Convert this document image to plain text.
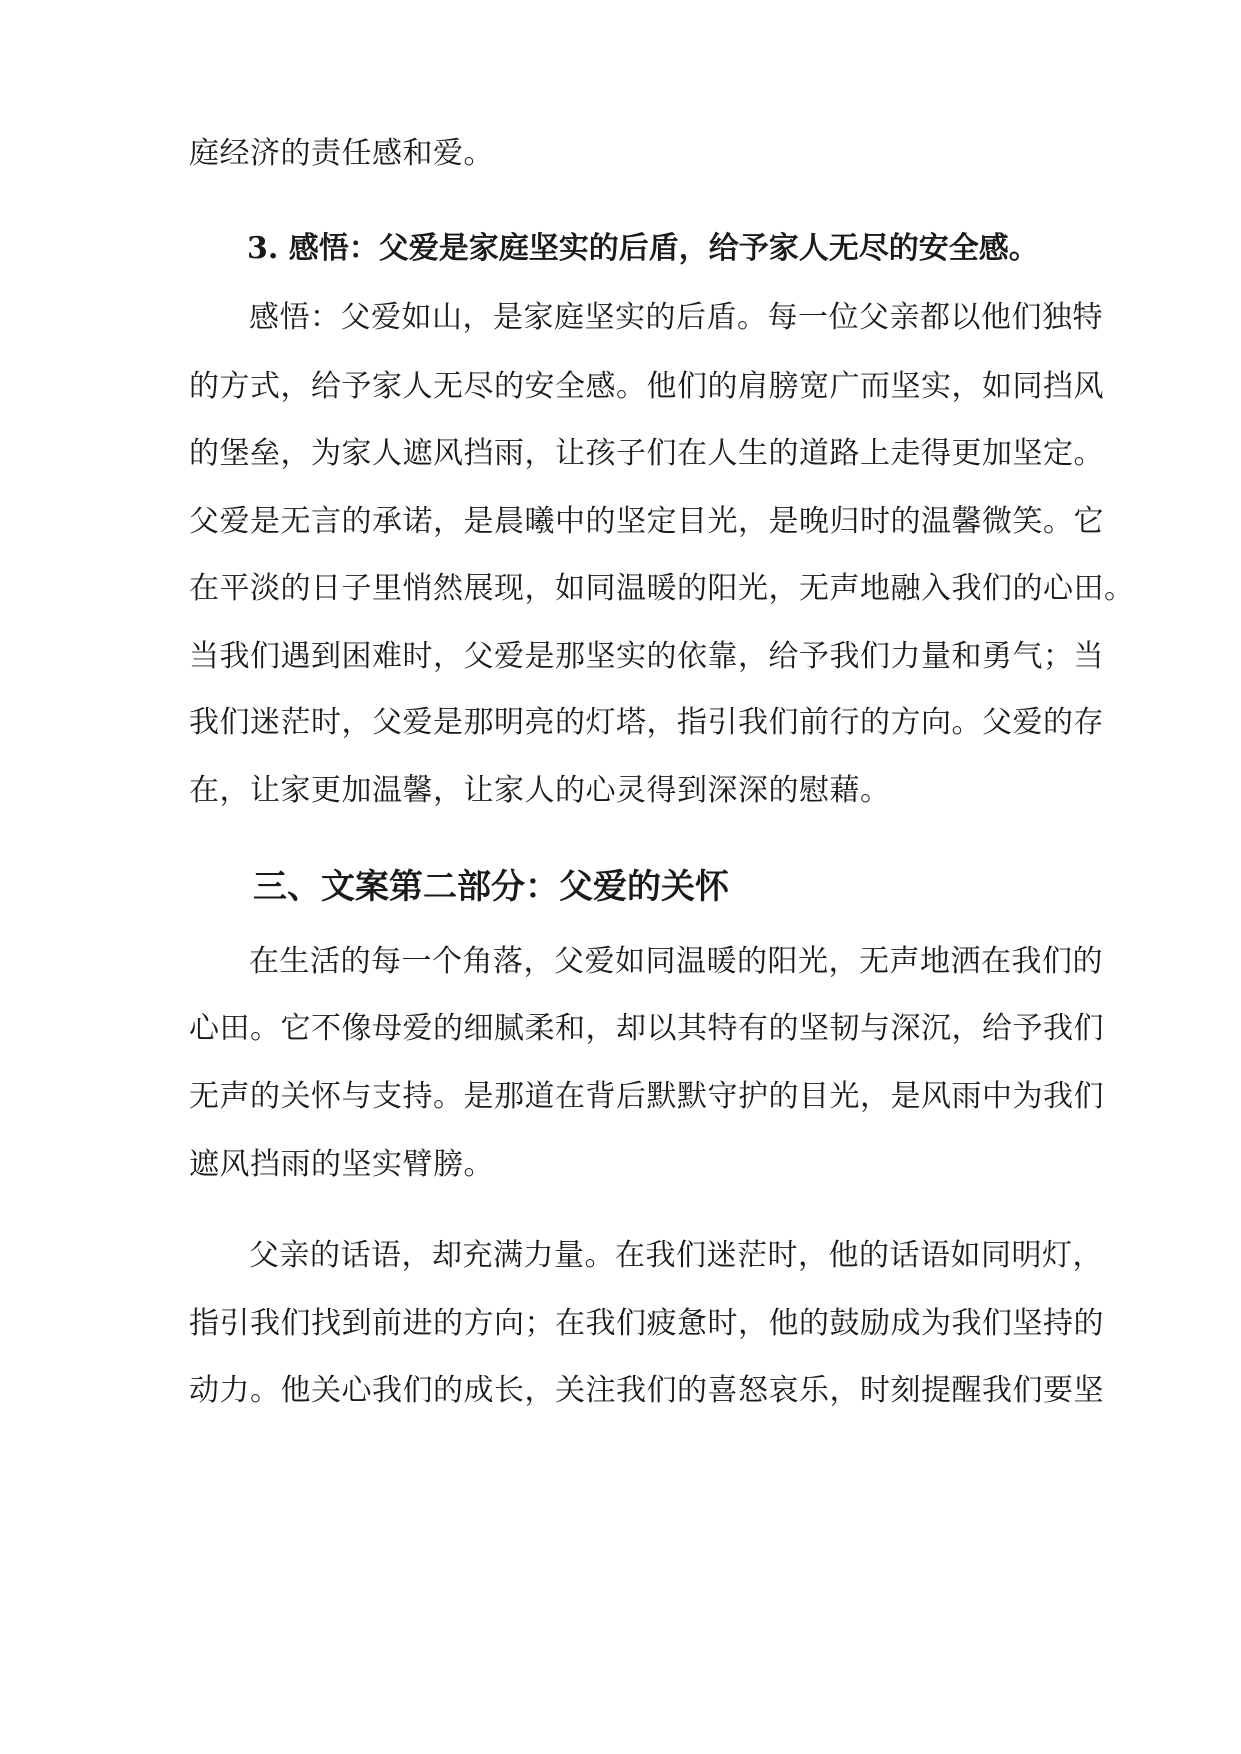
庭经济的责任感和爱。
3. 感悟：父爱是家庭坚实的后盾，给予家人无尽的安全感。
感悟：父爱如山，是家庭坚实的后盾。每一位父亲都以他们独特
的方式，给予家人无尽的安全感。他们的肩膀宽广而坚实，如同挡风
的堡垒，为家人遮风挡雨，让孩子们在人生的道路上走得更加坚定。
父爱是无言的承诺，是晨曦中的坚定目光，是晚归时的温馨微笑。它
在平淡的日子里悄然展现，如同温暖的阳光，无声地融入我们的心田。
当我们遇到困难时，父爱是那坚实的依靠，给予我们力量和勇气；当
我们迷茫时，父爱是那明亮的灯塔，指引我们前行的方向。父爱的存
在，让家更加温馨，让家人的心灵得到深深的慰藉。
三、文案第二部分：父爱的关怀
在生活的每一个角落，父爱如同温暖的阳光，无声地洒在我们的
心田。它不像母爱的细腻柔和，却以其特有的坚韧与深沉，给予我们
无声的关怀与支持。是那道在背后默默守护的目光，是风雨中为我们
遮风挡雨的坚实臂膀。
父亲的话语，却充满力量。在我们迷茫时，他的话语如同明灯，
指引我们找到前进的方向；在我们疲惫时，他的鼓励成为我们坚持的
动力。他关心我们的成长，关注我们的喜怒哀乐，时刻提醒我们要坚
